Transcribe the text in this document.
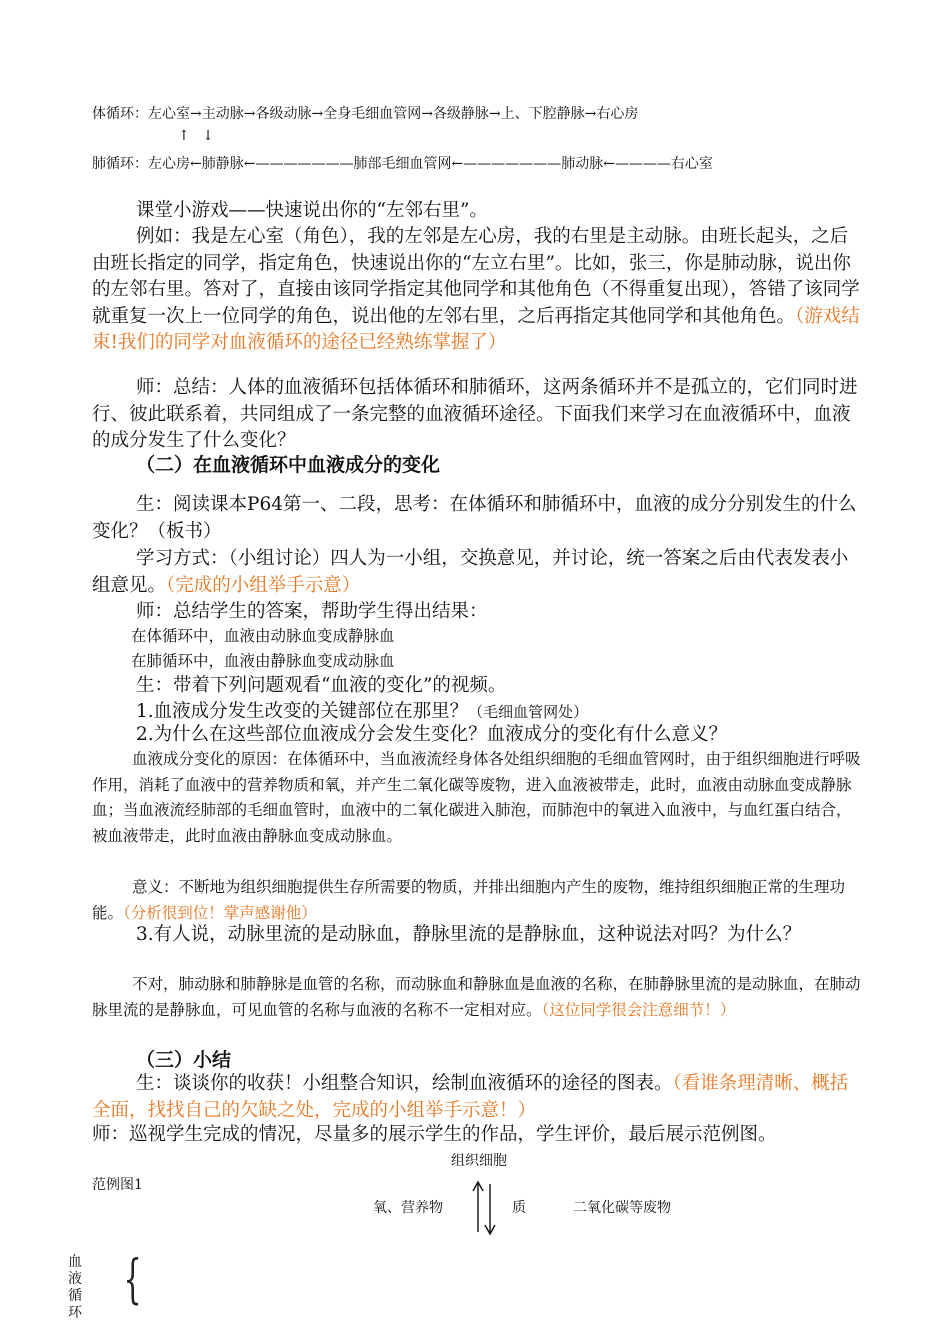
体循环：左心室→主动脉→各级动脉→全身毛细血管网→各级静脉→上、下腔静脉→右心房
↑ ↓
肺循环：左心房←肺静脉←———————肺部毛细血管网←———————肺动脉←————右心室
课堂小游戏——快速说出你的“左邻右里”。
例如：我是左心室（角色），我的左邻是左心房，我的右里是主动脉。由班长起头，之后由班长指定的同学，指定角色，快速说出你的“左立右里”。比如，张三，你是肺动脉，说出你的左邻右里。答对了，直接由该同学指定其他同学和其他角色（不得重复出现），答错了该同学就重复一次上一位同学的角色，说出他的左邻右里，之后再指定其他同学和其他角色。（游戏结束!我们的同学对血液循环的途径已经熟练掌握了）
师：总结：人体的血液循环包括体循环和肺循环，这两条循环并不是孤立的，它们同时进行、彼此联系着，共同组成了一条完整的血液循环途径。下面我们来学习在血液循环中，血液的成分发生了什么变化？
（二）在血液循环中血液成分的变化
生：阅读课本P64第一、二段，思考：在体循环和肺循环中，血液的成分分别发生的什么变化？（板书）
学习方式：（小组讨论）四人为一小组，交换意见，并讨论，统一答案之后由代表发表小组意见。（完成的小组举手示意）
师：总结学生的答案，帮助学生得出结果：
在体循环中，血液由动脉血变成静脉血
在肺循环中，血液由静脉血变成动脉血
生：带着下列问题观看“血液的变化”的视频。
1.血液成分发生改变的关键部位在那里？（毛细血管网处）
2.为什么在这些部位血液成分会发生变化？血液成分的变化有什么意义？
血液成分变化的原因：在体循环中，当血液流经身体各处组织细胞的毛细血管网时，由于组织细胞进行呼吸作用，消耗了血液中的营养物质和氧，并产生二氧化碳等废物，进入血液被带走，此时，血液由动脉血变成静脉血；当血液流经肺部的毛细血管时，血液中的二氧化碳进入肺泡，而肺泡中的氧进入血液中，与血红蛋白结合，被血液带走，此时血液由静脉血变成动脉血。
意义：不断地为组织细胞提供生存所需要的物质，并排出细胞内产生的废物，维持组织细胞正常的生理功能。（分析很到位！掌声感谢他）
3.有人说，动脉里流的是动脉血，静脉里流的是静脉血，这种说法对吗？为什么？
不对，肺动脉和肺静脉是血管的名称，而动脉血和静脉血是血液的名称，在肺静脉里流的是动脉血，在肺动脉里流的是静脉血，可见血管的名称与血液的名称不一定相对应。（这位同学很会注意细节！）
（三）小结
生：谈谈你的收获！小组整合知识，绘制血液循环的途径的图表。（看谁条理清晰、概括全面，找找自己的欠缺之处，完成的小组举手示意！）
师：巡视学生完成的情况，尽量多的展示学生的作品，学生评价，最后展示范例图。
组织细胞
范例图1
氧、营养物	质	二氧化碳等废物
血
液
循
环
{
